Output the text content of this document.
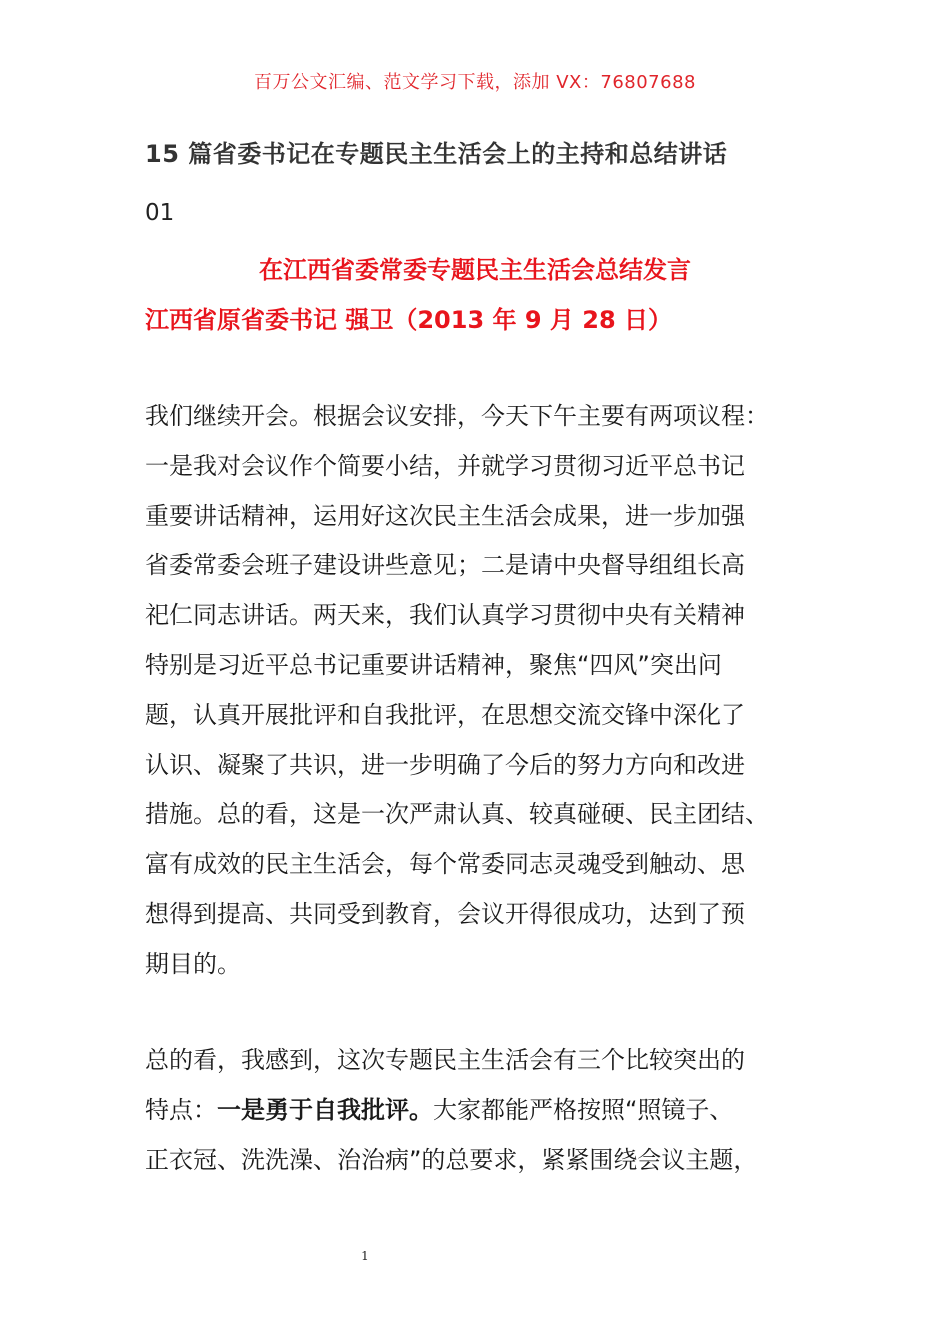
百万公文汇编、范文学习下载，添加 VX：76807688
15 篇省委书记在专题民主生活会上的主持和总结讲话
01
在江西省委常委专题民主生活会总结发言
江西省原省委书记 强卫（2013 年 9 月 28 日）
我们继续开会。根据会议安排，今天下午主要有两项议程：
一是我对会议作个简要小结，并就学习贯彻习近平总书记
重要讲话精神，运用好这次民主生活会成果，进一步加强
省委常委会班子建设讲些意见；二是请中央督导组组长高
祀仁同志讲话。两天来，我们认真学习贯彻中央有关精神
特别是习近平总书记重要讲话精神，聚焦“四风”突出问
题，认真开展批评和自我批评，在思想交流交锋中深化了
认识、凝聚了共识，进一步明确了今后的努力方向和改进
措施。总的看，这是一次严肃认真、较真碰硬、民主团结、
富有成效的民主生活会，每个常委同志灵魂受到触动、思
想得到提高、共同受到教育，会议开得很成功，达到了预
期目的。
总的看，我感到，这次专题民主生活会有三个比较突出的
特点：一是勇于自我批评。大家都能严格按照“照镜子、
正衣冠、洗洗澡、治治病”的总要求，紧紧围绕会议主题，
1
